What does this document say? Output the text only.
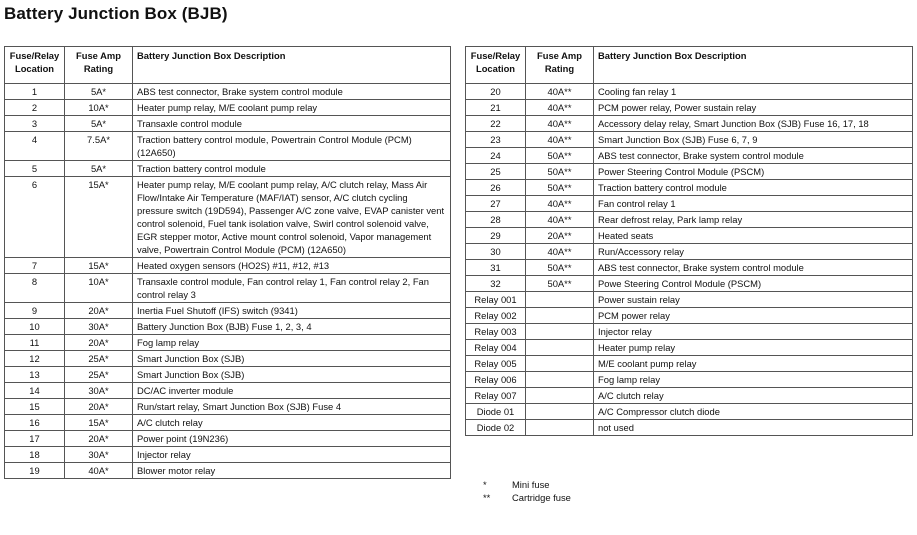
Battery Junction Box (BJB)
Fuse/Relay Location	Fuse Amp Rating	Battery Junction Box Description
1	5A*	ABS test connector, Brake system control module
2	10A*	Heater pump relay, M/E coolant pump relay
3	5A*	Transaxle control module
4	7.5A*	Traction battery control module, Powertrain Control Module (PCM) (12A650)
5	5A*	Traction battery control module
6	15A*	Heater pump relay, M/E coolant pump relay, A/C clutch relay, Mass Air Flow/Intake Air Temperature (MAF/IAT) sensor, A/C clutch cycling pressure switch (19D594), Passenger A/C zone valve, EVAP canister vent control solenoid, Fuel tank isolation valve, Swirl control solenoid valve, EGR stepper motor, Active mount control solenoid, Vapor management valve, Powertrain Control Module (PCM) (12A650)
7	15A*	Heated oxygen sensors (HO2S) #11, #12, #13
8	10A*	Transaxle control module, Fan control relay 1, Fan control relay 2, Fan control relay 3
9	20A*	Inertia Fuel Shutoff (IFS) switch (9341)
10	30A*	Battery Junction Box (BJB) Fuse 1, 2, 3, 4
11	20A*	Fog lamp relay
12	25A*	Smart Junction Box (SJB)
13	25A*	Smart Junction Box (SJB)
14	30A*	DC/AC inverter module
15	20A*	Run/start relay, Smart Junction Box (SJB) Fuse 4
16	15A*	A/C clutch relay
17	20A*	Power point (19N236)
18	30A*	Injector relay
19	40A*	Blower motor relay
Fuse/Relay Location	Fuse Amp Rating	Battery Junction Box Description
20	40A**	Cooling fan relay 1
21	40A**	PCM power relay, Power sustain relay
22	40A**	Accessory delay relay, Smart Junction Box (SJB) Fuse 16, 17, 18
23	40A**	Smart Junction Box (SJB) Fuse 6, 7, 9
24	50A**	ABS test connector, Brake system control module
25	50A**	Power Steering Control Module (PSCM)
26	50A**	Traction battery control module
27	40A**	Fan control relay 1
28	40A**	Rear defrost relay, Park lamp relay
29	20A**	Heated seats
30	40A**	Run/Accessory relay
31	50A**	ABS test connector, Brake system control module
32	50A**	Powe Steering Control Module (PSCM)
Relay 001		Power sustain relay
Relay 002		PCM power relay
Relay 003		Injector relay
Relay 004		Heater pump relay
Relay 005		M/E coolant pump relay
Relay 006		Fog lamp relay
Relay 007		A/C clutch relay
Diode 01		A/C Compressor clutch diode
Diode 02		not used
*	Mini fuse
**	Cartridge fuse
